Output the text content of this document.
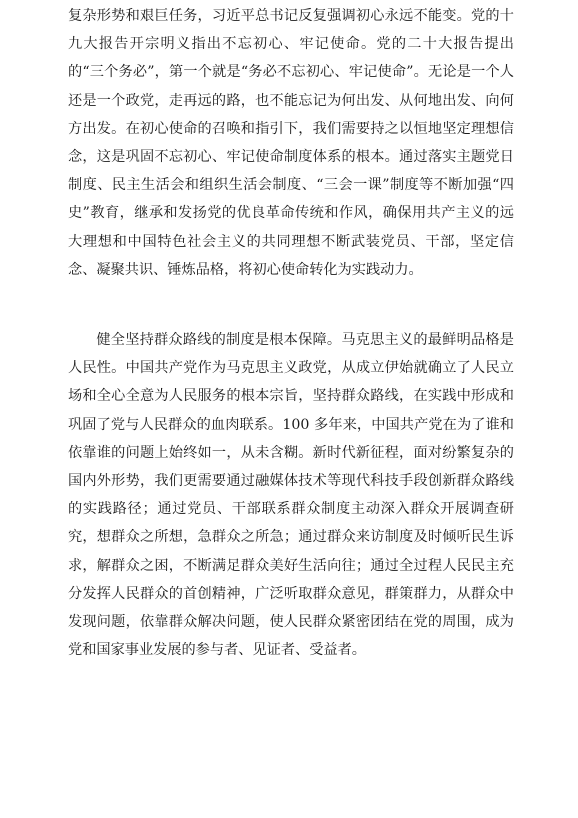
复杂形势和艰巨任务，习近平总书记反复强调初心永远不能变。党的十九大报告开宗明义指出不忘初心、牢记使命。党的二十大报告提出的“三个务必”，第一个就是“务必不忘初心、牢记使命”。无论是一个人还是一个政党，走再远的路，也不能忘记为何出发、从何地出发、向何方出发。在初心使命的召唤和指引下，我们需要持之以恒地坚定理想信念，这是巩固不忘初心、牢记使命制度体系的根本。通过落实主题党日制度、民主生活会和组织生活会制度、“三会一课”制度等不断加强“四史”教育，继承和发扬党的优良革命传统和作风，确保用共产主义的远大理想和中国特色社会主义的共同理想不断武装党员、干部，坚定信念、凝聚共识、锤炼品格，将初心使命转化为实践动力。

健全坚持群众路线的制度是根本保障。马克思主义的最鲜明品格是人民性。中国共产党作为马克思主义政党，从成立伊始就确立了人民立场和全心全意为人民服务的根本宗旨，坚持群众路线，在实践中形成和巩固了党与人民群众的血肉联系。100 多年来，中国共产党在为了谁和依靠谁的问题上始终如一，从未含糊。新时代新征程，面对纷繁复杂的国内外形势，我们更需要通过融媒体技术等现代科技手段创新群众路线的实践路径；通过党员、干部联系群众制度主动深入群众开展调查研究，想群众之所想，急群众之所急；通过群众来访制度及时倾听民生诉求，解群众之困，不断满足群众美好生活向往；通过全过程人民民主充分发挥人民群众的首创精神，广泛听取群众意见，群策群力，从群众中发现问题，依靠群众解决问题，使人民群众紧密团结在党的周围，成为党和国家事业发展的参与者、见证者、受益者。
